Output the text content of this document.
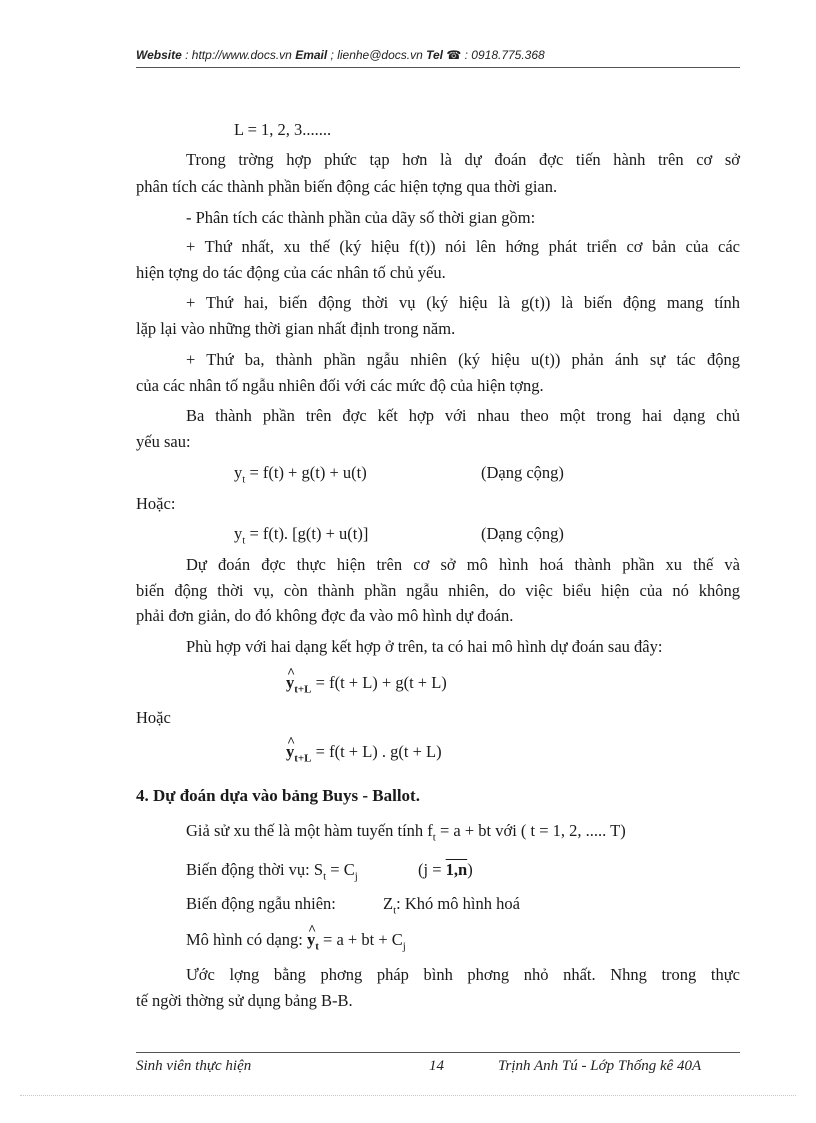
Website : http://www.docs.vn Email ; lienhe@docs.vn Tel ☎ : 0918.775.368
L = 1, 2, 3.......
Trong trờng hợp phức tạp hơn là dự đoán đợc tiến hành trên cơ sở
phân tích các thành phần biến động các hiện tợng qua thời gian.
- Phân tích các thành phần của dãy số thời gian gồm:
+ Thứ nhất, xu thế (ký hiệu f(t)) nói lên hớng phát triển cơ bản của các
hiện tợng do tác động của các nhân tố chủ yếu.
+ Thứ hai, biến động thời vụ (ký hiệu là g(t)) là biến động mang tính
lặp lại vào những thời gian nhất định trong năm.
+ Thứ ba, thành phần ngẫu nhiên (ký hiệu u(t)) phản ánh sự tác động
của các nhân tố ngẫu nhiên đối với các mức độ của hiện tợng.
Ba thành phần trên đợc kết hợp với nhau theo một trong hai dạng chủ
yếu sau:
$y_t = f(t) + g(t) + u(t)$	(Dạng cộng)
Hoặc:
$y_t = f(t)$. [g(t) + u(t)]	(Dạng cộng)
Dự đoán đợc thực hiện trên cơ sở mô hình hoá thành phần xu thế và
biến động thời vụ, còn thành phần ngẫu nhiên, do việc biểu hiện của nó không
phải đơn giản, do đó không đợc đa vào mô hình dự đoán.
Phù hợp với hai dạng kết hợp ở trên, ta có hai mô hình dự đoán sau đây:
^ $y_{t+L} = f(t + L) + g(t + L)$
Hoặc
^ $y_{t+L} = f(t + L)$ . g(t + L)
4. Dự đoán dựa vào bảng Buys - Ballot.
Giả sử xu thế là một hàm tuyến tính $f_t = a$ + bt với ( t = 1, 2, ..... T)
Biến động thời vụ: $S_t = C_j$	(j = 1,n)
Biến động ngẫu nhiên:	$Z_t$: Khó mô hình hoá
Mô hình có dạng: ^ $y_t = a$ + bt + $C_j$
Ước lợng bằng phơng pháp bình phơng nhỏ nhất. Nhng trong thực
tế ngời thờng sử dụng bảng B-B.
Sinh viên thực hiện	14	Trịnh Anh Tú - Lớp Thống kê 40A
